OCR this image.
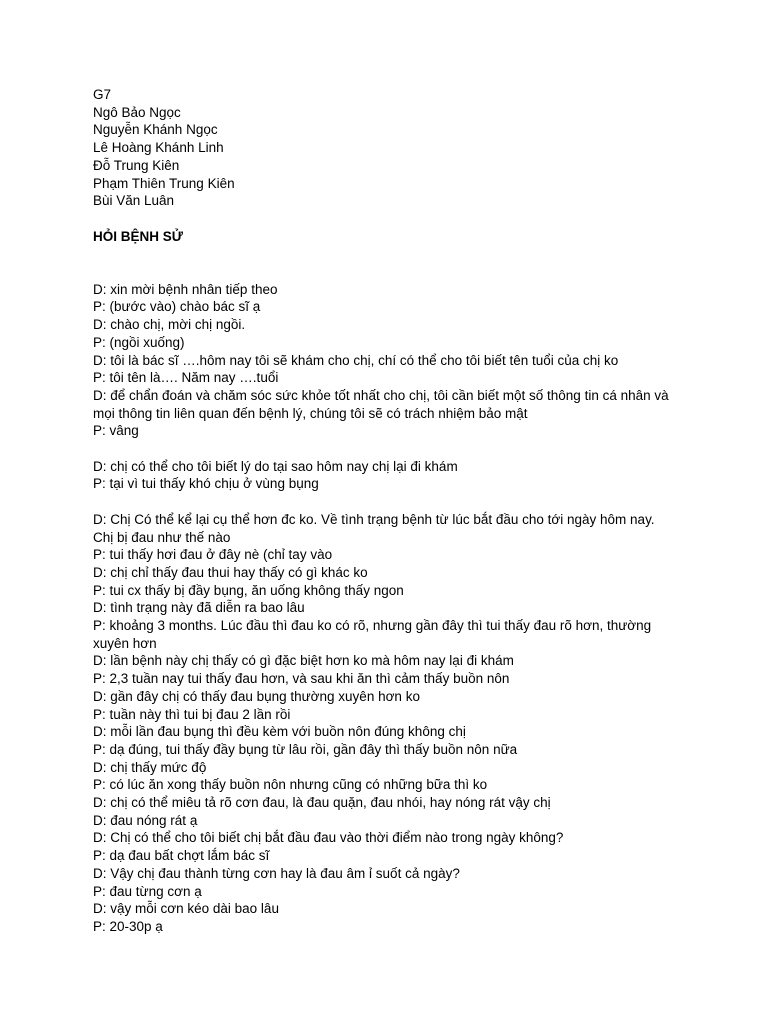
G7
Ngô Bảo Ngọc
Nguyễn Khánh Ngọc
Lê Hoàng Khánh Linh
Đỗ Trung Kiên
Phạm Thiên Trung Kiên
Bùi Văn Luân
HỎI BỆNH SỬ
D: xin mời bệnh nhân tiếp theo
P: (bước vào) chào bác sĩ ạ
D: chào chị, mời chị ngồi.
P: (ngồi xuống)
D: tôi là bác sĩ ….hôm nay tôi sẽ khám cho chị, chí có thể cho tôi biết tên tuổi của chị ko
P: tôi tên là…. Năm nay ….tuổi
D: để chẩn đoán và chăm sóc sức khỏe tốt nhất cho chị, tôi cần biết một số thông tin cá nhân và mọi thông tin liên quan đến bệnh lý, chúng tôi sẽ có trách nhiệm bảo mật
P: vâng
D: chị có thể cho tôi biết lý do tại sao hôm nay chị lại đi khám
P: tại vì tui thấy khó chịu ở vùng bụng
D: Chị Có thể kể lại cụ thể hơn đc ko. Về tình trạng bệnh từ lúc bắt đầu cho tới ngày hôm nay. Chị bị đau như thế nào
P: tui thấy hơi đau ở đây nè (chỉ tay vào
D: chị chỉ thấy đau thui hay thấy có gì khác ko
P: tui cx thấy bị đầy bụng, ăn uống không thấy ngon
D: tình trạng này đã diễn ra bao lâu
P: khoảng 3 months. Lúc đầu thì đau ko có rõ, nhưng gần đây thì tui thấy đau rõ hơn, thường xuyên hơn
D: lần bệnh này chị thấy có gì đặc biệt hơn ko mà hôm nay lại đi khám
P: 2,3 tuần nay tui thấy đau hơn, và sau khi ăn thì cảm thấy buồn nôn
D: gần đây chị có thấy đau bụng thường xuyên hơn ko
P: tuần này thì tui bị đau 2 lần rồi
D: mỗi lần đau bụng thì đều kèm với buồn nôn đúng không chị
P: dạ đúng, tui thấy đầy bụng từ lâu rồi, gần đây thì thấy buồn nôn nữa
D: chị thấy mức độ
P: có lúc ăn xong thấy buồn nôn nhưng cũng có những bữa thì ko
D: chị có thể miêu tả rõ cơn đau, là đau quặn, đau nhói, hay nóng rát vậy chị
D: đau nóng rát ạ
D: Chị có thể cho tôi biết chị bắt đầu đau vào thời điểm nào trong ngày không?
P: dạ đau bất chợt lắm bác sĩ
D: Vậy chị đau thành từng cơn hay là đau âm ỉ suốt cả ngày?
P: đau từng cơn ạ
D: vậy mỗi cơn kéo dài bao lâu
P: 20-30p ạ
